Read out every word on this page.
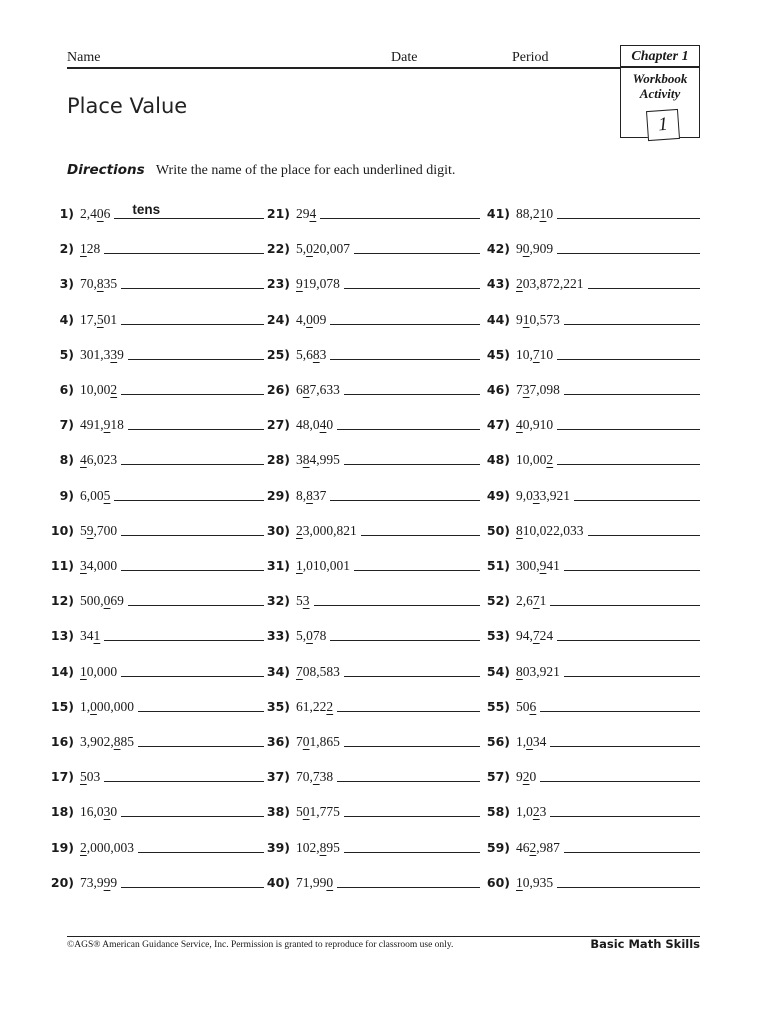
Name	Date	Period	Chapter 1
Workbook
Activity
1
Place Value
Directions Write the name of the place for each underlined digit.
1) 2,406 tens
2) 128
3) 70,835
4) 17,501
5) 301,339
6) 10,002
7) 491,918
8) 46,023
9) 6,005
10) 59,700
11) 34,000
12) 500,069
13) 341
14) 10,000
15) 1,000,000
16) 3,902,885
17) 503
18) 16,030
19) 2,000,003
20) 73,999
21) 294
22) 5,020,007
23) 919,078
24) 4,009
25) 5,683
26) 687,633
27) 48,040
28) 384,995
29) 8,837
30) 23,000,821
31) 1,010,001
32) 53
33) 5,078
34) 708,583
35) 61,222
36) 701,865
37) 70,738
38) 501,775
39) 102,895
40) 71,990
41) 88,210
42) 90,909
43) 203,872,221
44) 910,573
45) 10,710
46) 737,098
47) 40,910
48) 10,002
49) 9,033,921
50) 810,022,033
51) 300,941
52) 2,671
53) 94,724
54) 803,921
55) 506
56) 1,034
57) 920
58) 1,023
59) 462,987
60) 10,935
©AGS® American Guidance Service, Inc. Permission is granted to reproduce for classroom use only.	Basic Math Skills
